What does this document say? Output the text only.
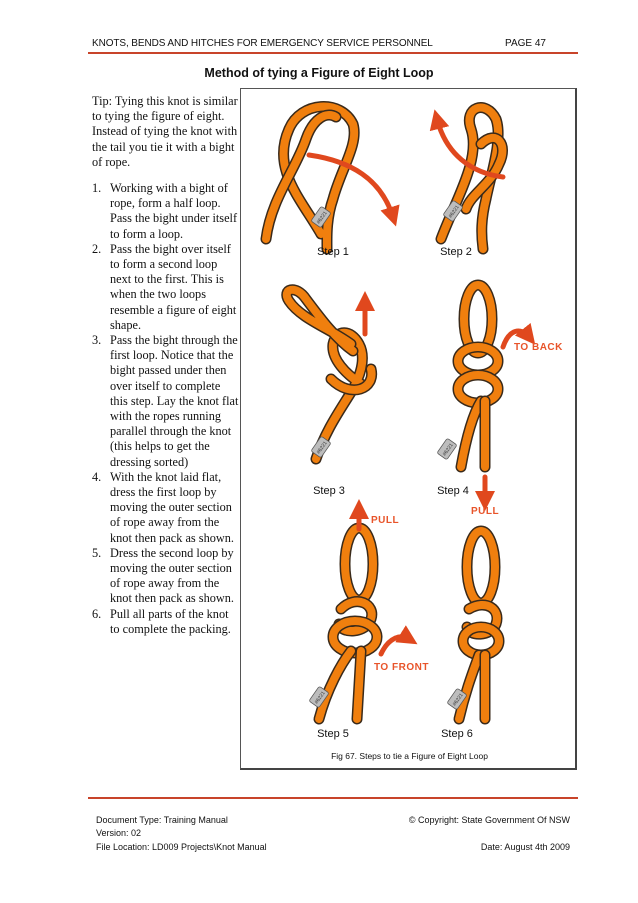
KNOTS, BENDS AND HITCHES FOR EMERGENCY SERVICE PERSONNEL	PAGE 47
Method of tying a Figure of Eight Loop
Tip: Tying this knot is similar to tying the figure of eight. Instead of tying the knot with the tail you tie it with a bight of rope.
1. Working with a bight of rope, form a half loop. Pass the bight under itself to form a loop.
2. Pass the bight over itself to form a second loop next to the first. This is when the two loops resemble a figure of eight shape.
3. Pass the bight through the first loop. Notice that the bight passed under then over itself to complete this step. Lay the knot flat with the ropes running parallel through the knot (this helps to get the dressing sorted)
4. With the knot laid flat, dress the first loop by moving the outer section of rope away from the knot then pack as shown.
5. Dress the second loop by moving the outer section of rope away from the knot then pack as shown.
6. Pull all parts of the knot to complete the packing.
#6221
Step 1	Step 2
Step 3	Step 4
Step 5	Step 6
TO BACK
PULL
PULL
TO FRONT
Fig 67. Steps to tie a Figure of Eight Loop
Document Type: Training Manual	© Copyright: State Government Of NSW
Version: 02
File Location: LD009 Projects\Knot Manual	Date: August 4th 2009
